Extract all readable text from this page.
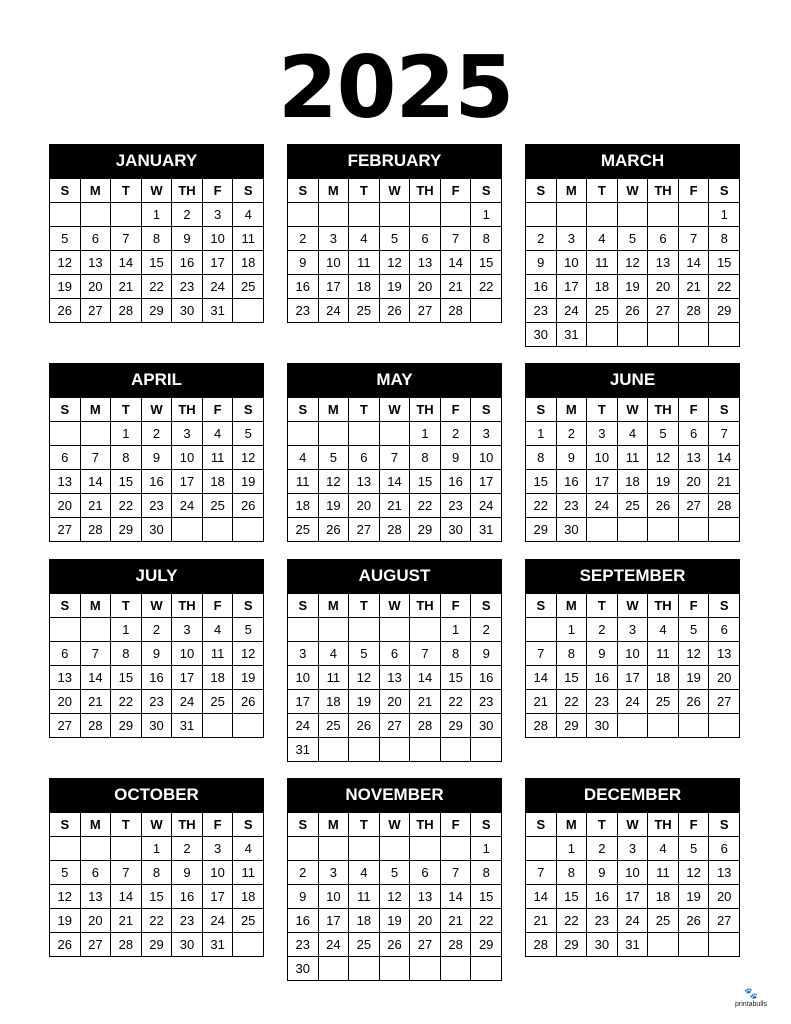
2025
JANUARY
S	M	T	W	TH	F	S
			1	2	3	4
5	6	7	8	9	10	11
12	13	14	15	16	17	18
19	20	21	22	23	24	25
26	27	28	29	30	31	
FEBRUARY
S	M	T	W	TH	F	S
						1
2	3	4	5	6	7	8
9	10	11	12	13	14	15
16	17	18	19	20	21	22
23	24	25	26	27	28	
MARCH
S	M	T	W	TH	F	S
						1
2	3	4	5	6	7	8
9	10	11	12	13	14	15
16	17	18	19	20	21	22
23	24	25	26	27	28	29
30	31					
APRIL
S	M	T	W	TH	F	S
		1	2	3	4	5
6	7	8	9	10	11	12
13	14	15	16	17	18	19
20	21	22	23	24	25	26
27	28	29	30			
MAY
S	M	T	W	TH	F	S
				1	2	3
4	5	6	7	8	9	10
11	12	13	14	15	16	17
18	19	20	21	22	23	24
25	26	27	28	29	30	31
JUNE
S	M	T	W	TH	F	S
1	2	3	4	5	6	7
8	9	10	11	12	13	14
15	16	17	18	19	20	21
22	23	24	25	26	27	28
29	30					
JULY
S	M	T	W	TH	F	S
		1	2	3	4	5
6	7	8	9	10	11	12
13	14	15	16	17	18	19
20	21	22	23	24	25	26
27	28	29	30	31		
AUGUST
S	M	T	W	TH	F	S
					1	2
3	4	5	6	7	8	9
10	11	12	13	14	15	16
17	18	19	20	21	22	23
24	25	26	27	28	29	30
31						
SEPTEMBER
S	M	T	W	TH	F	S
	1	2	3	4	5	6
7	8	9	10	11	12	13
14	15	16	17	18	19	20
21	22	23	24	25	26	27
28	29	30				
OCTOBER
S	M	T	W	TH	F	S
			1	2	3	4
5	6	7	8	9	10	11
12	13	14	15	16	17	18
19	20	21	22	23	24	25
26	27	28	29	30	31	
NOVEMBER
S	M	T	W	TH	F	S
						1
2	3	4	5	6	7	8
9	10	11	12	13	14	15
16	17	18	19	20	21	22
23	24	25	26	27	28	29
30						
DECEMBER
S	M	T	W	TH	F	S
	1	2	3	4	5	6
7	8	9	10	11	12	13
14	15	16	17	18	19	20
21	22	23	24	25	26	27
28	29	30	31			
🐾
printabulls
